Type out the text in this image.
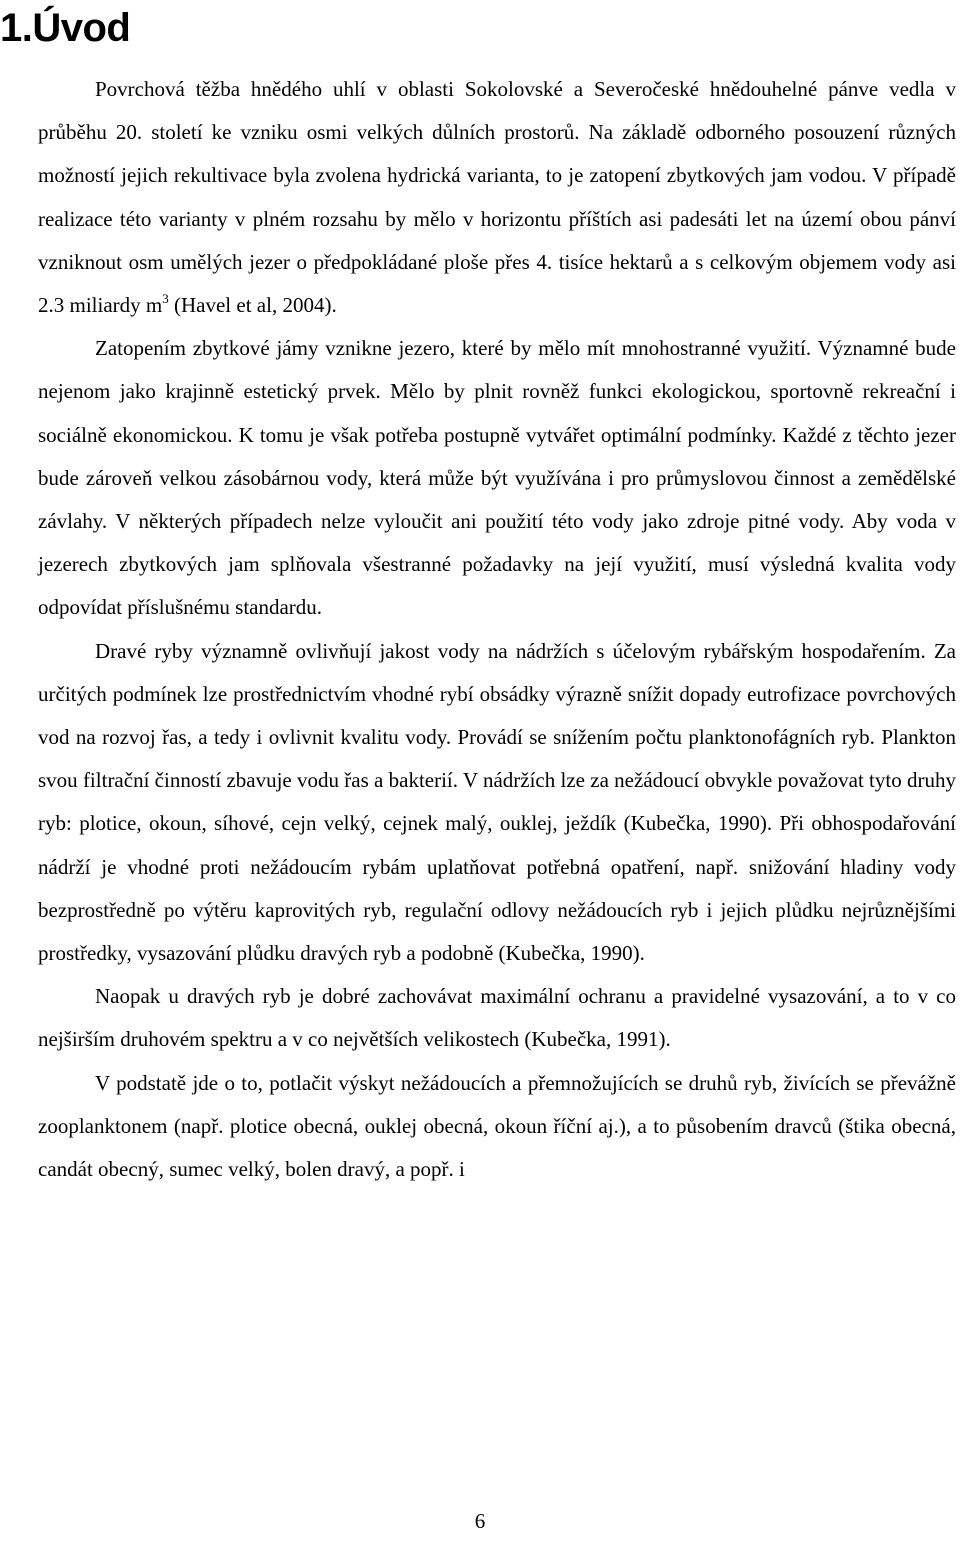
1.Úvod

Povrchová těžba hnědého uhlí v oblasti Sokolovské a Severočeské hnědouhelné pánve vedla v průběhu 20. století ke vzniku osmi velkých důlních prostorů. Na základě odborného posouzení různých možností jejich rekultivace byla zvolena hydrická varianta, to je zatopení zbytkových jam vodou. V případě realizace této varianty v plném rozsahu by mělo v horizontu příštích asi padesáti let na území obou pánví vzniknout osm umělých jezer o předpokládané ploše přes 4. tisíce hektarů a s celkovým objemem vody asi 2.3 miliardy $m^3$ (Havel et al, 2004).

Zatopením zbytkové jámy vznikne jezero, které by mělo mít mnohostranné využití. Významné bude nejenom jako krajinně estetický prvek. Mělo by plnit rovněž funkci ekologickou, sportovně rekreační i sociálně ekonomickou. K tomu je však potřeba postupně vytvářet optimální podmínky. Každé z těchto jezer bude zároveň velkou zásobárnou vody, která může být využívána i pro průmyslovou činnost a zemědělské závlahy. V některých případech nelze vyloučit ani použití této vody jako zdroje pitné vody. Aby voda v jezerech zbytkových jam splňovala všestranné požadavky na její využití, musí výsledná kvalita vody odpovídat příslušnému standardu.

Dravé ryby významně ovlivňují jakost vody na nádržích s účelovým rybářským hospodařením. Za určitých podmínek lze prostřednictvím vhodné rybí obsádky výrazně snížit dopady eutrofizace povrchových vod na rozvoj řas, a tedy i ovlivnit kvalitu vody. Provádí se snížením počtu planktonofágních ryb. Plankton svou filtrační činností zbavuje vodu řas a bakterií. V nádržích lze za nežádoucí obvykle považovat tyto druhy ryb: plotice, okoun, síhové, cejn velký, cejnek malý, ouklej, ježdík (Kubečka, 1990). Při obhospodařování nádrží je vhodné proti nežádoucím rybám uplatňovat potřebná opatření, např. snižování hladiny vody bezprostředně po výtěru kaprovitých ryb, regulační odlovy nežádoucích ryb i jejich plůdku nejrůznějšími prostředky, vysazování plůdku dravých ryb a podobně (Kubečka, 1990).

Naopak u dravých ryb je dobré zachovávat maximální ochranu a pravidelné vysazování, a to v co nejširším druhovém spektru a v co největších velikostech (Kubečka, 1991).

V podstatě jde o to, potlačit výskyt nežádoucích a přemnožujících se druhů ryb, živících se převážně zooplanktonem (např. plotice obecná, ouklej obecná, okoun říční aj.), a to působením dravců (štika obecná, candát obecný, sumec velký, bolen dravý, a popř. i

6
